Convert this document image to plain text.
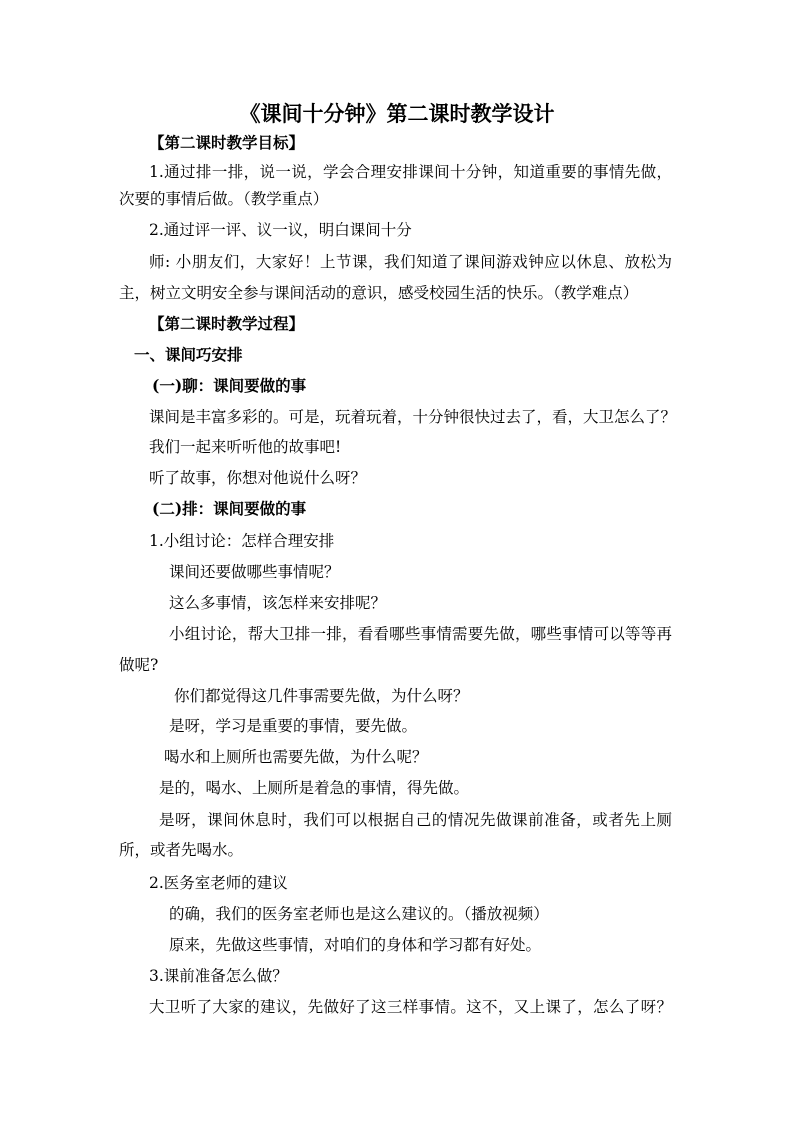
《课间十分钟》第二课时教学设计

【第二课时教学目标】

1.通过排一排，说一说，学会合理安排课间十分钟，知道重要的事情先做，

次要的事情后做。（教学重点）

2.通过评一评、议一议，明白课间十分

师: 小朋友们，大家好！上节课，我们知道了课间游戏钟应以休息、放松为

主，树立文明安全参与课间活动的意识，感受校园生活的快乐。（教学难点）

【第二课时教学过程】

一、课间巧安排

(一)聊：课间要做的事

课间是丰富多彩的。可是，玩着玩着，十分钟很快过去了，看，大卫怎么了？

我们一起来听听他的故事吧!

听了故事，你想对他说什么呀？

(二)排：课间要做的事

1.小组讨论：怎样合理安排

课间还要做哪些事情呢？

这么多事情，该怎样来安排呢？

小组讨论，帮大卫排一排，看看哪些事情需要先做，哪些事情可以等等再

做呢?

你们都觉得这几件事需要先做，为什么呀？

是呀，学习是重要的事情，要先做。

喝水和上厕所也需要先做，为什么呢？

是的，喝水、上厕所是着急的事情，得先做。

是呀，课间休息时，我们可以根据自己的情况先做课前准备，或者先上厕

所，或者先喝水。

2.医务室老师的建议

的确，我们的医务室老师也是这么建议的。（播放视频）

原来，先做这些事情，对咱们的身体和学习都有好处。

3.课前准备怎么做？

大卫听了大家的建议，先做好了这三样事情。这不，又上课了，怎么了呀？
